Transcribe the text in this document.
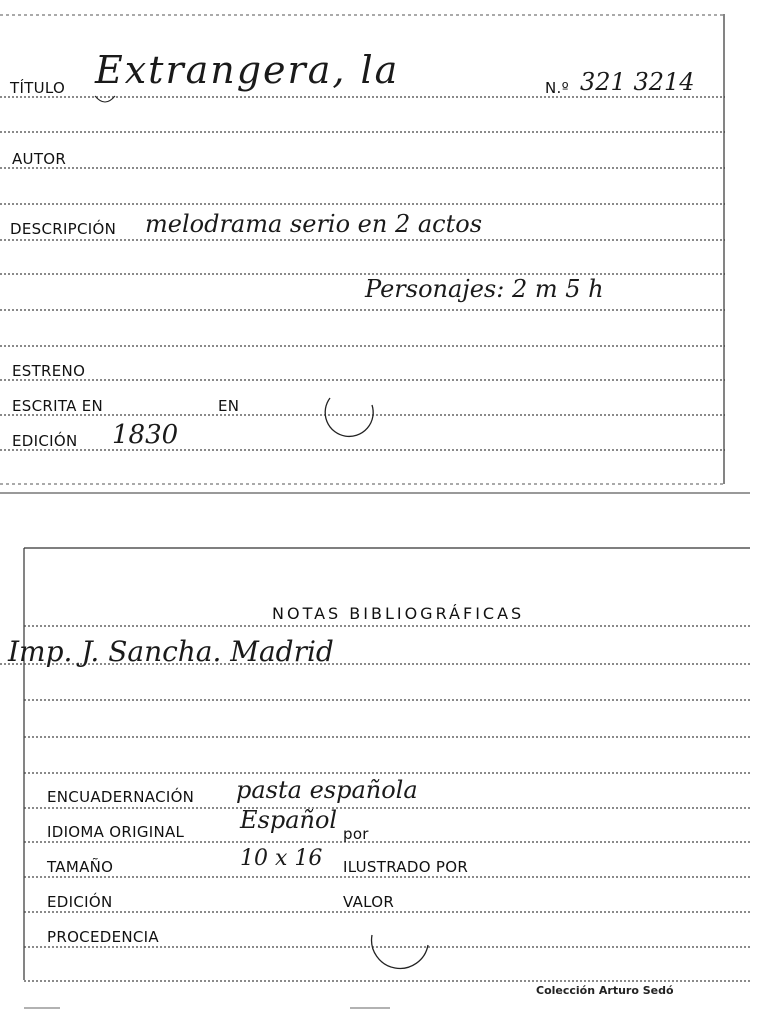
TÍTULO Extrangera, la	N.º 321 3214
AUTOR
DESCRIPCIÓN melodrama serio en 2 actos
Personajes: 2 m 5 h
ESTRENO
ESCRITA EN	EN
EDICIÓN 1830
NOTAS BIBLIOGRÁFICAS
Imp. J. Sancha. Madrid
ENCUADERNACIÓN pasta española
IDIOMA ORIGINAL Español por
TAMAÑO	10 x 16 ILUSTRADO POR
EDICIÓN	VALOR
PROCEDENCIA
Colección Arturo Sedó
